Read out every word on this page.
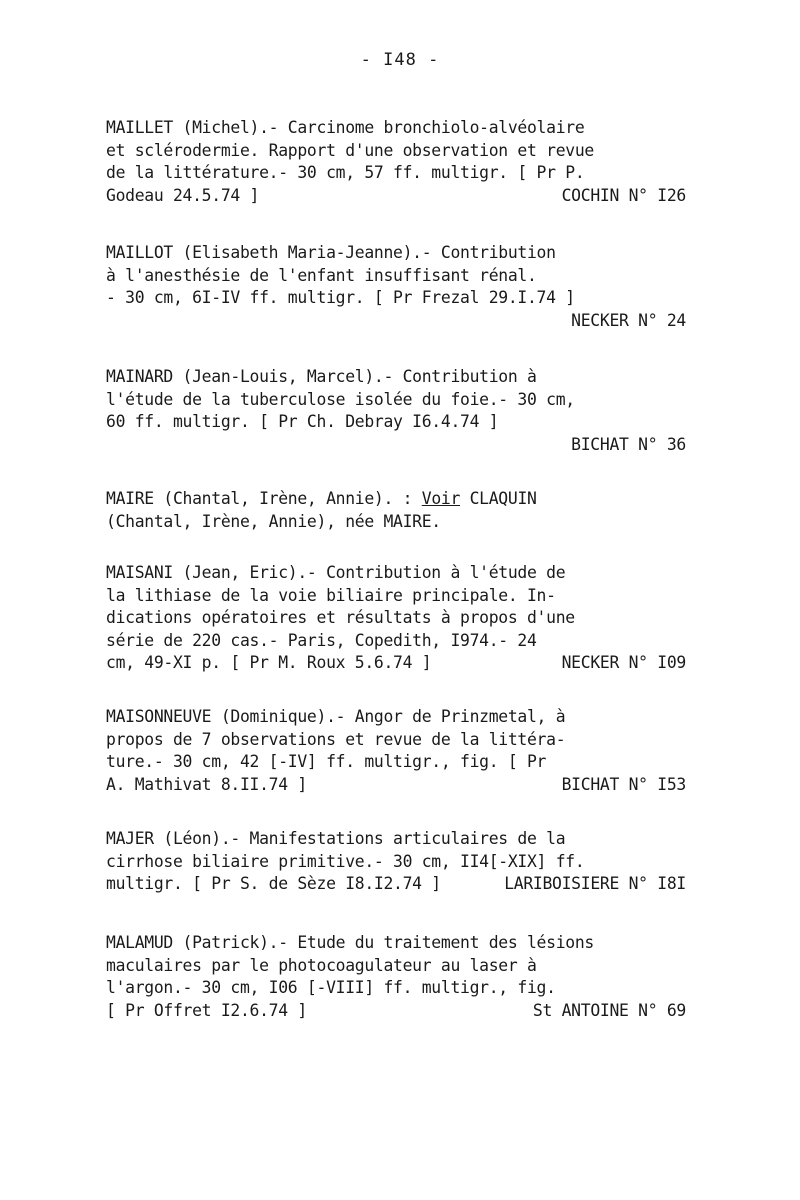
- I48 -
MAILLET (Michel).- Carcinome bronchiolo-alvéolaire
et sclérodermie. Rapport d'une observation et revue
de la littérature.- 30 cm, 57 ff. multigr. [ Pr P.
Godeau 24.5.74 ]	COCHIN N° I26
MAILLOT (Elisabeth Maria-Jeanne).- Contribution
à l'anesthésie de l'enfant insuffisant rénal.
- 30 cm, 6I-IV ff. multigr. [ Pr Frezal 29.I.74 ]
NECKER N° 24
MAINARD (Jean-Louis, Marcel).- Contribution à
l'étude de la tuberculose isolée du foie.- 30 cm,
60 ff. multigr. [ Pr Ch. Debray I6.4.74 ]
BICHAT N° 36
MAIRE (Chantal, Irène, Annie). : Voir CLAQUIN
(Chantal, Irène, Annie), née MAIRE.
MAISANI (Jean, Eric).- Contribution à l'étude de
la lithiase de la voie biliaire principale. In-
dications opératoires et résultats à propos d'une
série de 220 cas.- Paris, Copedith, I974.- 24
cm, 49-XI p. [ Pr M. Roux 5.6.74 ]	NECKER N° I09
MAISONNEUVE (Dominique).- Angor de Prinzmetal, à
propos de 7 observations et revue de la littéra-
ture.- 30 cm, 42 [-IV] ff. multigr., fig. [ Pr
A. Mathivat 8.II.74 ]	BICHAT N° I53
MAJER (Léon).- Manifestations articulaires de la
cirrhose biliaire primitive.- 30 cm, II4[-XIX] ff.
multigr. [ Pr S. de Sèze I8.I2.74 ]	LARIBOISIERE N° I8I
MALAMUD (Patrick).- Etude du traitement des lésions
maculaires par le photocoagulateur au laser à
l'argon.- 30 cm, I06 [-VIII] ff. multigr., fig.
[ Pr Offret I2.6.74 ]	St ANTOINE N° 69
